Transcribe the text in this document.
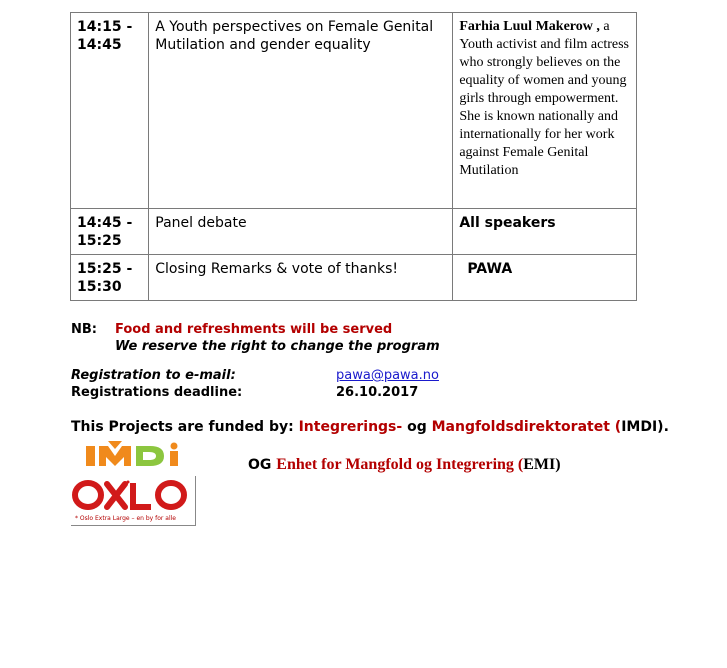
14:15 -
14:45	A Youth perspectives on Female Genital Mutilation and gender equality	Farhia Luul Makerow , a Youth activist and film actress who strongly believes on the equality of women and young girls through empowerment. She is known nationally and internationally for her work against Female Genital Mutilation

14:45 -
15:25	Panel debate	All speakers

15:25 -
15:30	Closing Remarks & vote of thanks!	PAWA
NB: Food and refreshments will be served
We reserve the right to change the program
Registration to e-mail:	pawa@pawa.no
Registrations deadline:	26.10.2017
This Projects are funded by: Integrerings- og Mangfoldsdirektoratet (IMDI).
OG Enhet for Mangfold og Integrering (EMI)
* Oslo Extra Large – en by for alle
